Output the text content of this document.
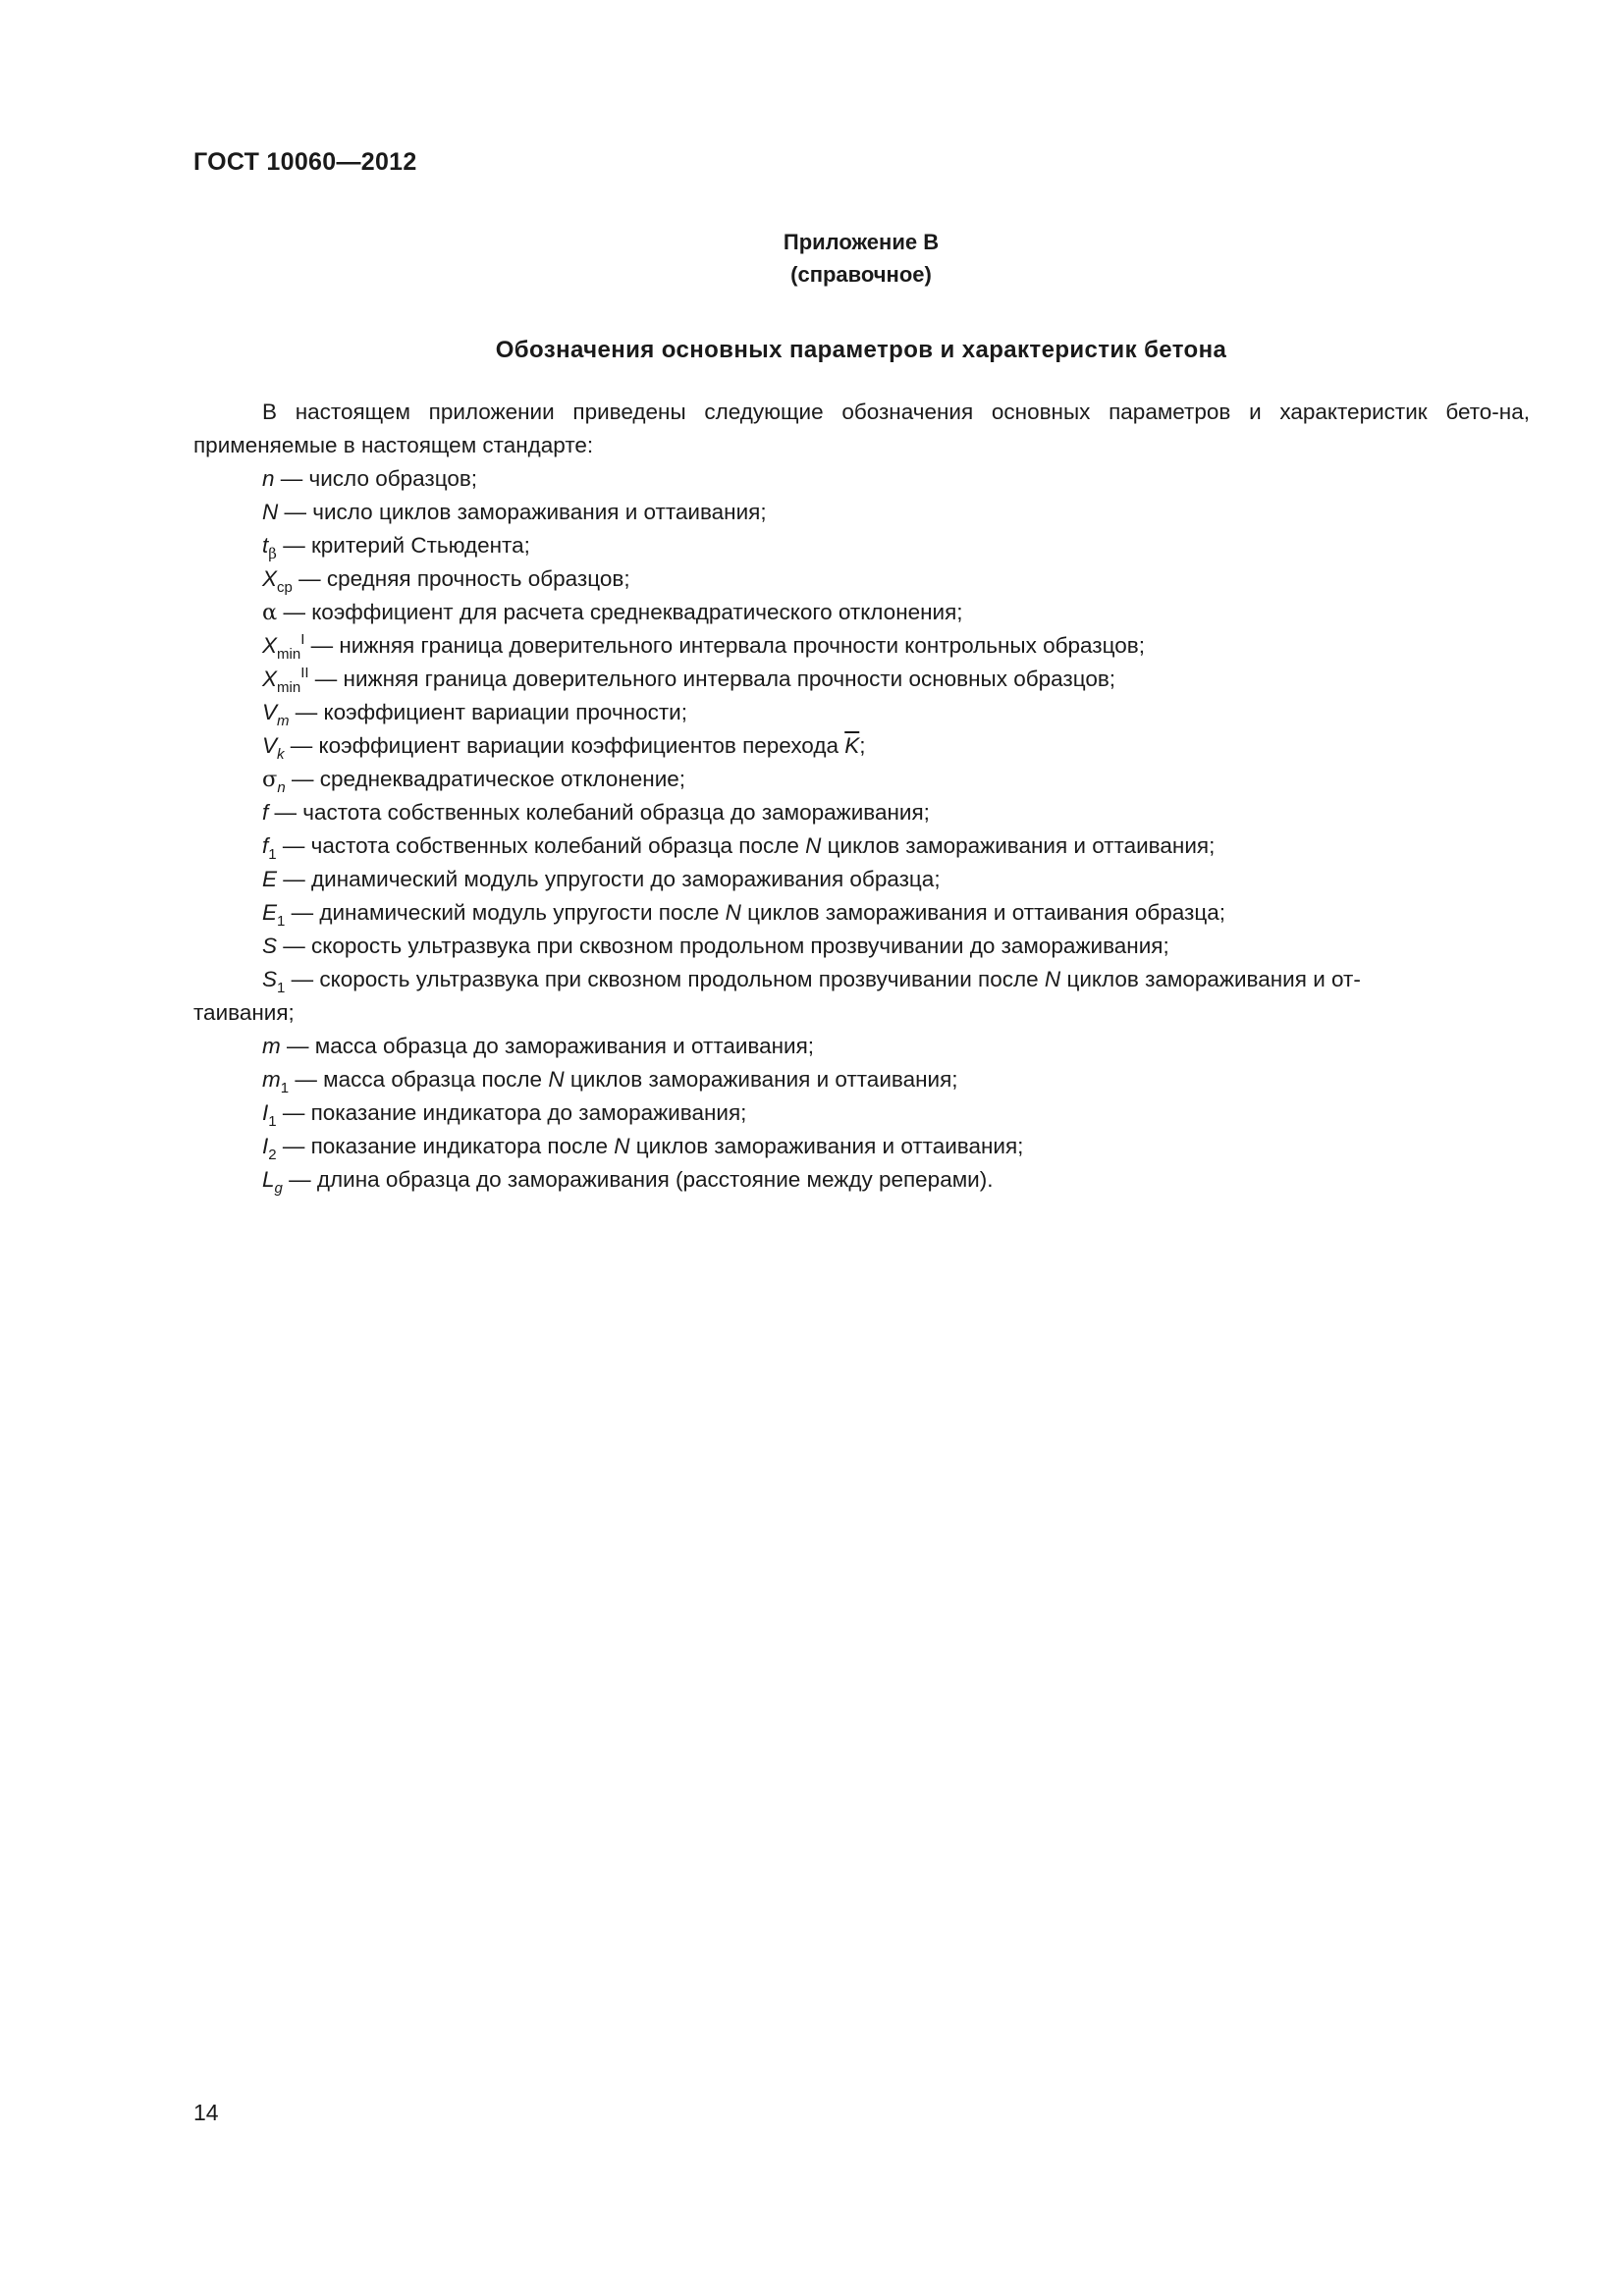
ГОСТ 10060—2012
Приложение В
(справочное)
Обозначения основных параметров и характеристик бетона

В настоящем приложении приведены следующие обозначения основных параметров и характеристик бето-на, применяемые в настоящем стандарте:

n — число образцов;
N — число циклов замораживания и оттаивания;
$t_\beta$ — критерий Стьюдента;
$X_{ср}$ — средняя прочность образцов;
α — коэффициент для расчета среднеквадратического отклонения;
$X_{min}^I$ — нижняя граница доверительного интервала прочности контрольных образцов;
$X_{min}^{II}$ — нижняя граница доверительного интервала прочности основных образцов;
$V_m$ — коэффициент вариации прочности;
$V_k$ — коэффициент вариации коэффициентов перехода $\overline{K}$;
$\sigma_n$ — среднеквадратическое отклонение;
f — частота собственных колебаний образца до замораживания;
$f_1$ — частота собственных колебаний образца после N циклов замораживания и оттаивания;
E — динамический модуль упругости до замораживания образца;
$E_1$ — динамический модуль упругости после N циклов замораживания и оттаивания образца;
S — скорость ультразвука при сквозном продольном прозвучивании до замораживания;
$S_1$ — скорость ультразвука при сквозном продольном прозвучивании после N циклов замораживания и от-
таивания;
m — масса образца до замораживания и оттаивания;
$m_1$ — масса образца после N циклов замораживания и оттаивания;
$I_1$ — показание индикатора до замораживания;
$I_2$ — показание индикатора после N циклов замораживания и оттаивания;
$L_g$ — длина образца до замораживания (расстояние между реперами).
14
